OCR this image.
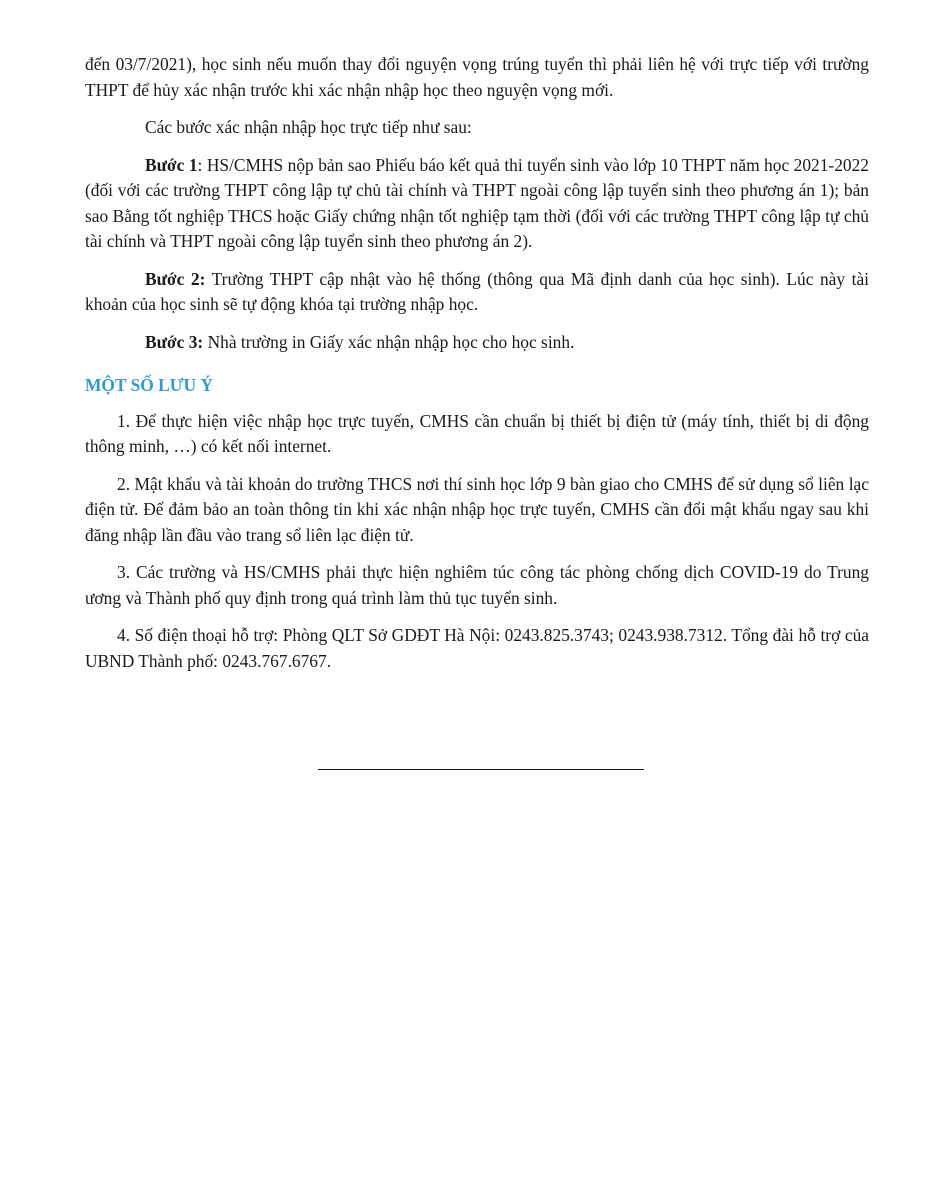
đến 03/7/2021), học sinh nếu muốn thay đổi nguyện vọng trúng tuyển thì phải liên hệ với trực tiếp với trường THPT để hủy xác nhận trước khi xác nhận nhập học theo nguyện vọng mới.

Các bước xác nhận nhập học trực tiếp như sau:

Bước 1: HS/CMHS nộp bản sao Phiếu báo kết quả thi tuyển sinh vào lớp 10 THPT năm học 2021-2022 (đối với các trường THPT công lập tự chủ tài chính và THPT ngoài công lập tuyển sinh theo phương án 1); bản sao Bằng tốt nghiệp THCS hoặc Giấy chứng nhận tốt nghiệp tạm thời (đối với các trường THPT công lập tự chủ tài chính và THPT ngoài công lập tuyển sinh theo phương án 2).

Bước 2: Trường THPT cập nhật vào hệ thống (thông qua Mã định danh của học sinh). Lúc này tài khoản của học sinh sẽ tự động khóa tại trường nhập học.

Bước 3: Nhà trường in Giấy xác nhận nhập học cho học sinh.

MỘT SỐ LƯU Ý

1. Để thực hiện việc nhập học trực tuyến, CMHS cần chuẩn bị thiết bị điện tử (máy tính, thiết bị di động thông minh, …) có kết nối internet.

2. Mật khẩu và tài khoản do trường THCS nơi thí sinh học lớp 9 bàn giao cho CMHS để sử dụng sổ liên lạc điện tử. Để đảm bảo an toàn thông tin khi xác nhận nhập học trực tuyến, CMHS cần đổi mật khẩu ngay sau khi đăng nhập lần đầu vào trang sổ liên lạc điện tử.

3. Các trường và HS/CMHS phải thực hiện nghiêm túc công tác phòng chống dịch COVID-19 do Trung ương và Thành phố quy định trong quá trình làm thủ tục tuyển sinh.

4. Số điện thoại hỗ trợ: Phòng QLT Sở GDĐT Hà Nội: 0243.825.3743; 0243.938.7312. Tổng đài hỗ trợ của UBND Thành phố: 0243.767.6767.
